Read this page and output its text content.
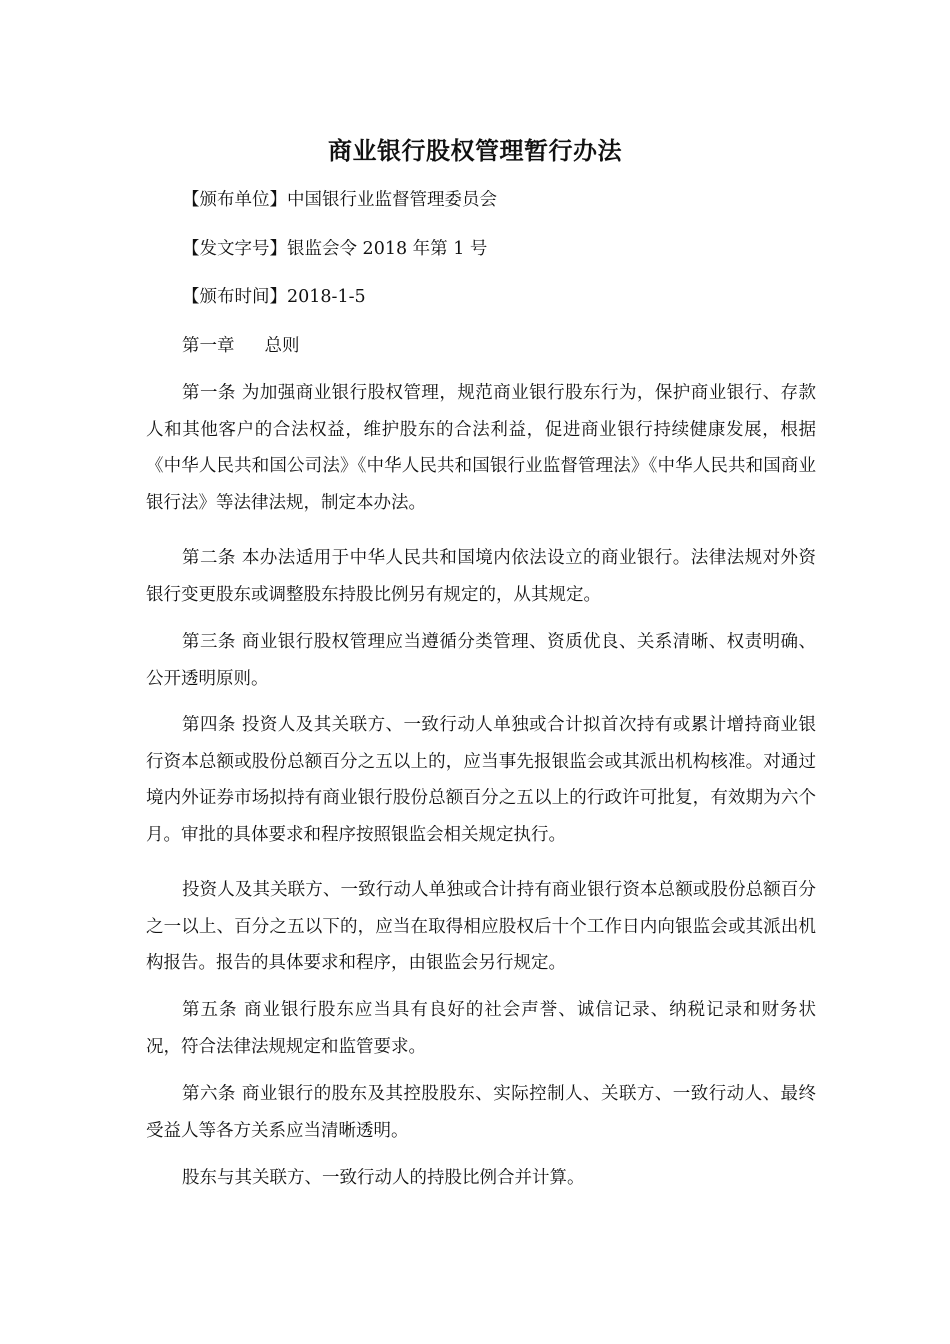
商业银行股权管理暂行办法
【颁布单位】中国银行业监督管理委员会
【发文字号】银监会令 2018 年第 1 号
【颁布时间】2018-1-5
第一章 总则
第一条 为加强商业银行股权管理，规范商业银行股东行为，保护商业银行、存款人和其他客户的合法权益，维护股东的合法利益，促进商业银行持续健康发展，根据《中华人民共和国公司法》《中华人民共和国银行业监督管理法》《中华人民共和国商业银行法》等法律法规，制定本办法。
第二条 本办法适用于中华人民共和国境内依法设立的商业银行。法律法规对外资银行变更股东或调整股东持股比例另有规定的，从其规定。
第三条 商业银行股权管理应当遵循分类管理、资质优良、关系清晰、权责明确、公开透明原则。
第四条 投资人及其关联方、一致行动人单独或合计拟首次持有或累计增持商业银行资本总额或股份总额百分之五以上的，应当事先报银监会或其派出机构核准。对通过境内外证券市场拟持有商业银行股份总额百分之五以上的行政许可批复，有效期为六个月。审批的具体要求和程序按照银监会相关规定执行。
投资人及其关联方、一致行动人单独或合计持有商业银行资本总额或股份总额百分之一以上、百分之五以下的，应当在取得相应股权后十个工作日内向银监会或其派出机构报告。报告的具体要求和程序，由银监会另行规定。
第五条 商业银行股东应当具有良好的社会声誉、诚信记录、纳税记录和财务状况，符合法律法规规定和监管要求。
第六条 商业银行的股东及其控股股东、实际控制人、关联方、一致行动人、最终受益人等各方关系应当清晰透明。
股东与其关联方、一致行动人的持股比例合并计算。
